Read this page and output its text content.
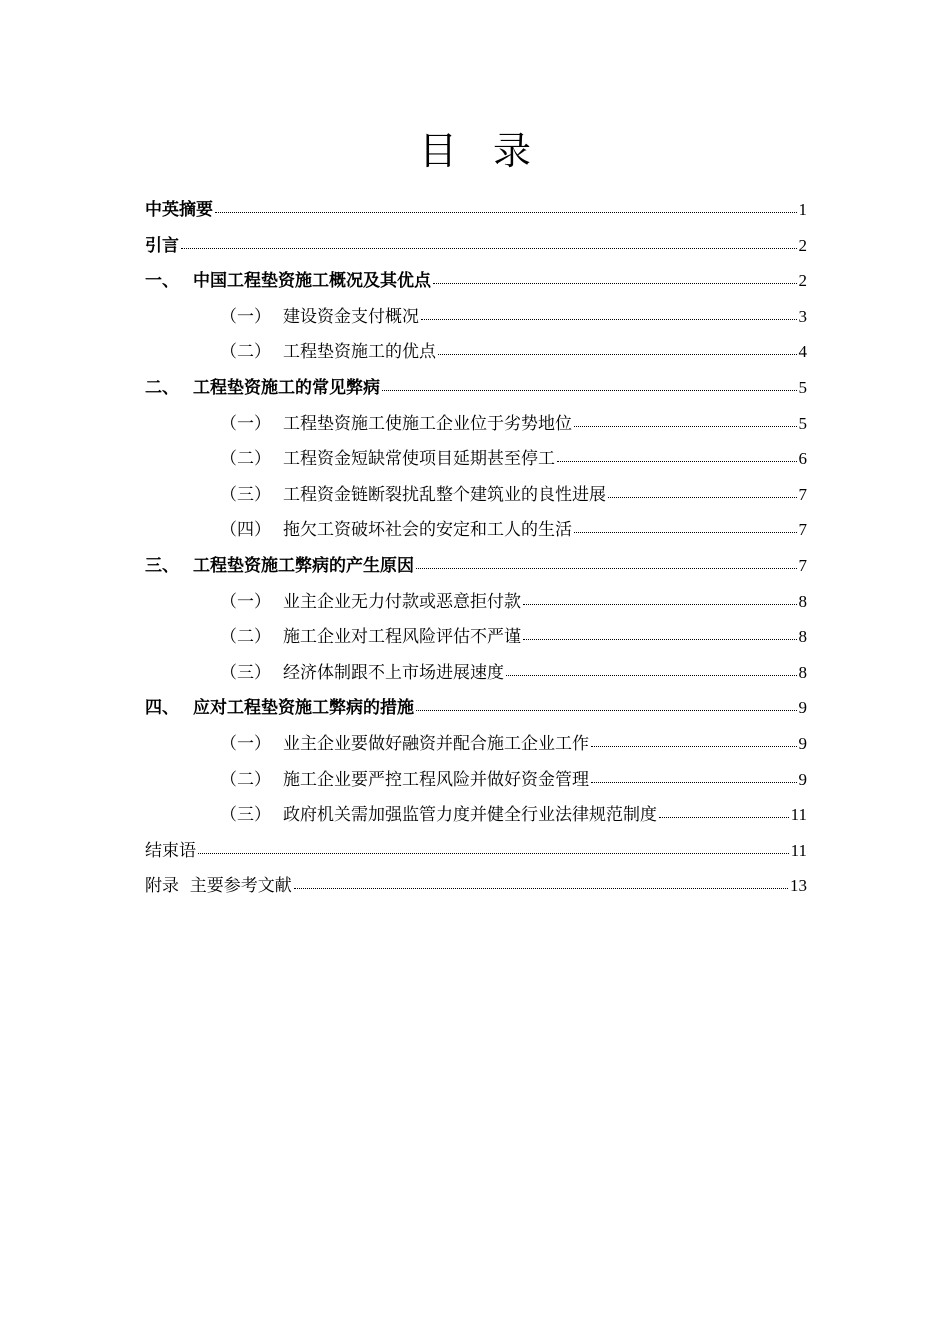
目 录
中英摘要	1
引言	2
一、 中国工程垫资施工概况及其优点	2
（一） 建设资金支付概况	3
（二） 工程垫资施工的优点	4
二、 工程垫资施工的常见弊病	5
（一） 工程垫资施工使施工企业位于劣势地位	5
（二） 工程资金短缺常使项目延期甚至停工	6
（三） 工程资金链断裂扰乱整个建筑业的良性进展	7
（四） 拖欠工资破坏社会的安定和工人的生活	7
三、 工程垫资施工弊病的产生原因	7
（一） 业主企业无力付款或恶意拒付款	8
（二） 施工企业对工程风险评估不严谨	8
（三） 经济体制跟不上市场进展速度	8
四、 应对工程垫资施工弊病的措施	9
（一） 业主企业要做好融资并配合施工企业工作	9
（二） 施工企业要严控工程风险并做好资金管理	9
（三） 政府机关需加强监管力度并健全行业法律规范制度	11
结束语	11
附录  主要参考文献	13
